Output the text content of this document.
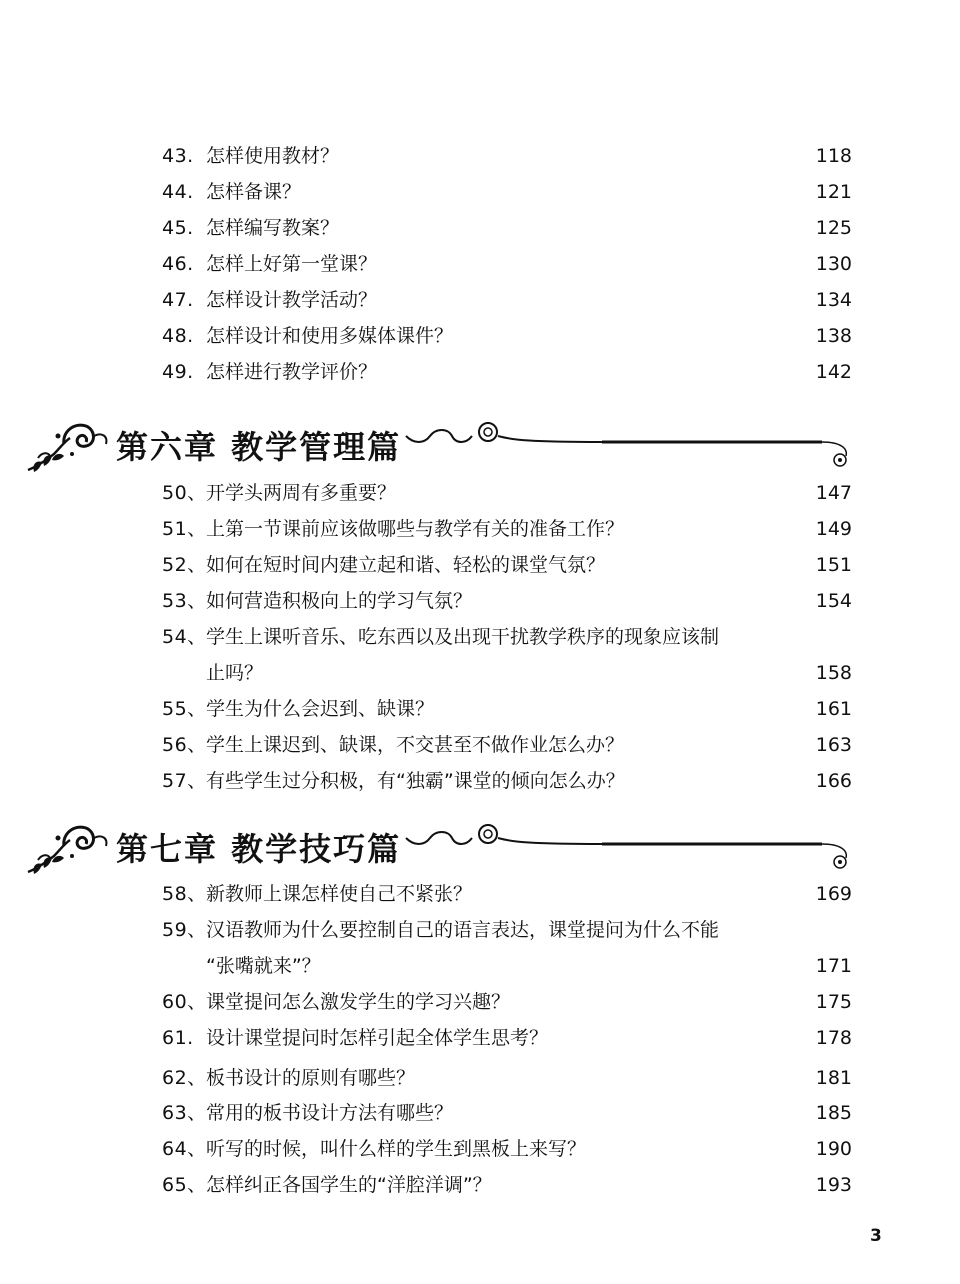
43. 怎样使用教材？	118
44. 怎样备课？	121
45. 怎样编写教案？	125
46. 怎样上好第一堂课？	130
47. 怎样设计教学活动？	134
48. 怎样设计和使用多媒体课件？	138
49. 怎样进行教学评价？	142
第六章 教学管理篇
50、 开学头两周有多重要？	147
51、 上第一节课前应该做哪些与教学有关的准备工作？	149
52、 如何在短时间内建立起和谐、轻松的课堂气氛？	151
53、 如何营造积极向上的学习气氛？	154
54、 学生上课听音乐、吃东西以及出现干扰教学秩序的现象应该制
止吗？	158
55、 学生为什么会迟到、缺课？	161
56、 学生上课迟到、缺课，不交甚至不做作业怎么办？	163
57、 有些学生过分积极，有“独霸”课堂的倾向怎么办？	166
第七章 教学技巧篇
58、 新教师上课怎样使自己不紧张？	169
59、 汉语教师为什么要控制自己的语言表达，课堂提问为什么不能
“张嘴就来”？	171
60、 课堂提问怎么激发学生的学习兴趣？	175
61. 设计课堂提问时怎样引起全体学生思考？	178
62、 板书设计的原则有哪些？	181
63、 常用的板书设计方法有哪些？	185
64、 听写的时候，叫什么样的学生到黑板上来写？	190
65、 怎样纠正各国学生的“洋腔洋调”？	193
3
